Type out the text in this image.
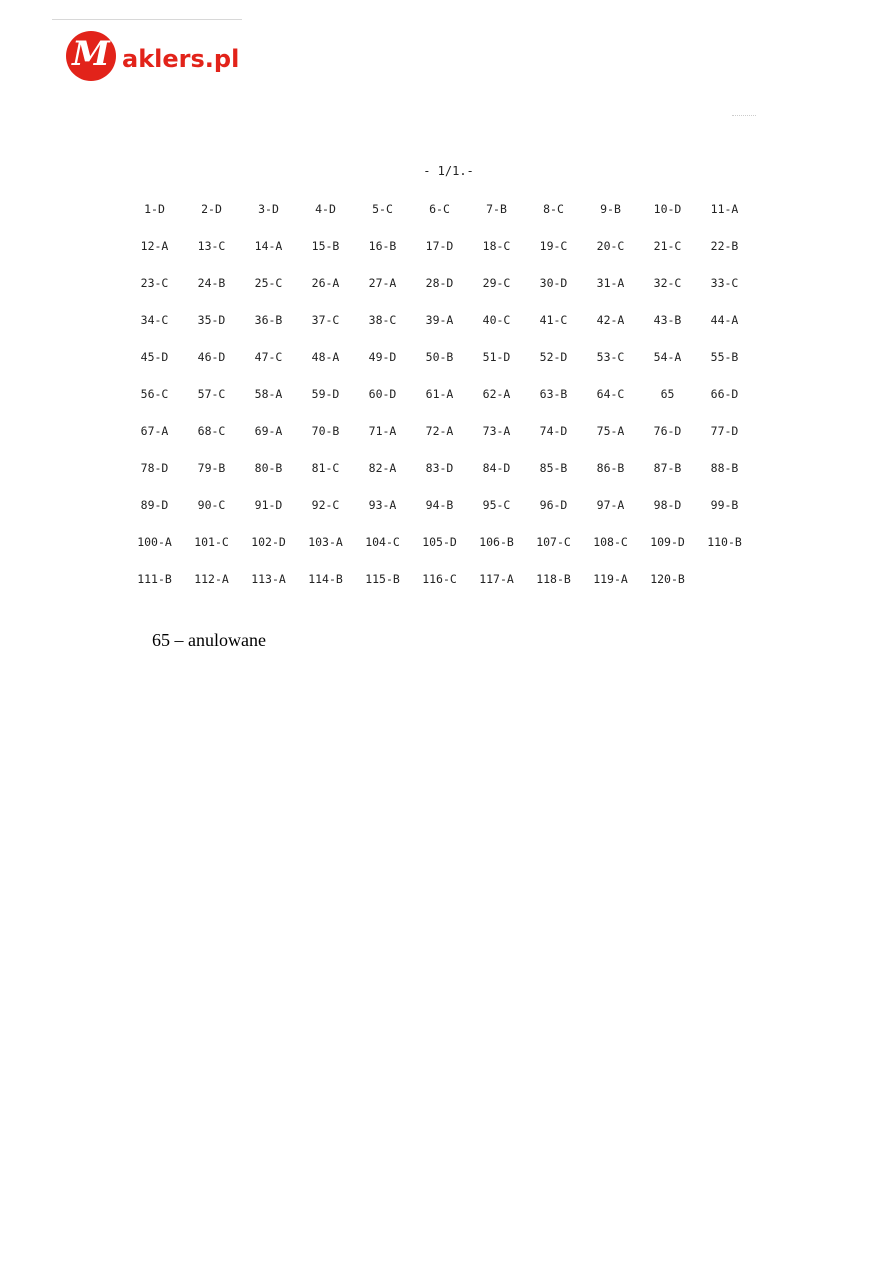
M aklers.pl
- 1/1.-
1-D	2-D	3-D	4-D	5-C	6-C	7-B	8-C	9-B	10-D	11-A
12-A	13-C	14-A	15-B	16-B	17-D	18-C	19-C	20-C	21-C	22-B
23-C	24-B	25-C	26-A	27-A	28-D	29-C	30-D	31-A	32-C	33-C
34-C	35-D	36-B	37-C	38-C	39-A	40-C	41-C	42-A	43-B	44-A
45-D	46-D	47-C	48-A	49-D	50-B	51-D	52-D	53-C	54-A	55-B
56-C	57-C	58-A	59-D	60-D	61-A	62-A	63-B	64-C	65	66-D
67-A	68-C	69-A	70-B	71-A	72-A	73-A	74-D	75-A	76-D	77-D
78-D	79-B	80-B	81-C	82-A	83-D	84-D	85-B	86-B	87-B	88-B
89-D	90-C	91-D	92-C	93-A	94-B	95-C	96-D	97-A	98-D	99-B
100-A	101-C	102-D	103-A	104-C	105-D	106-B	107-C	108-C	109-D	110-B
111-B	112-A	113-A	114-B	115-B	116-C	117-A	118-B	119-A	120-B
65 – anulowane
